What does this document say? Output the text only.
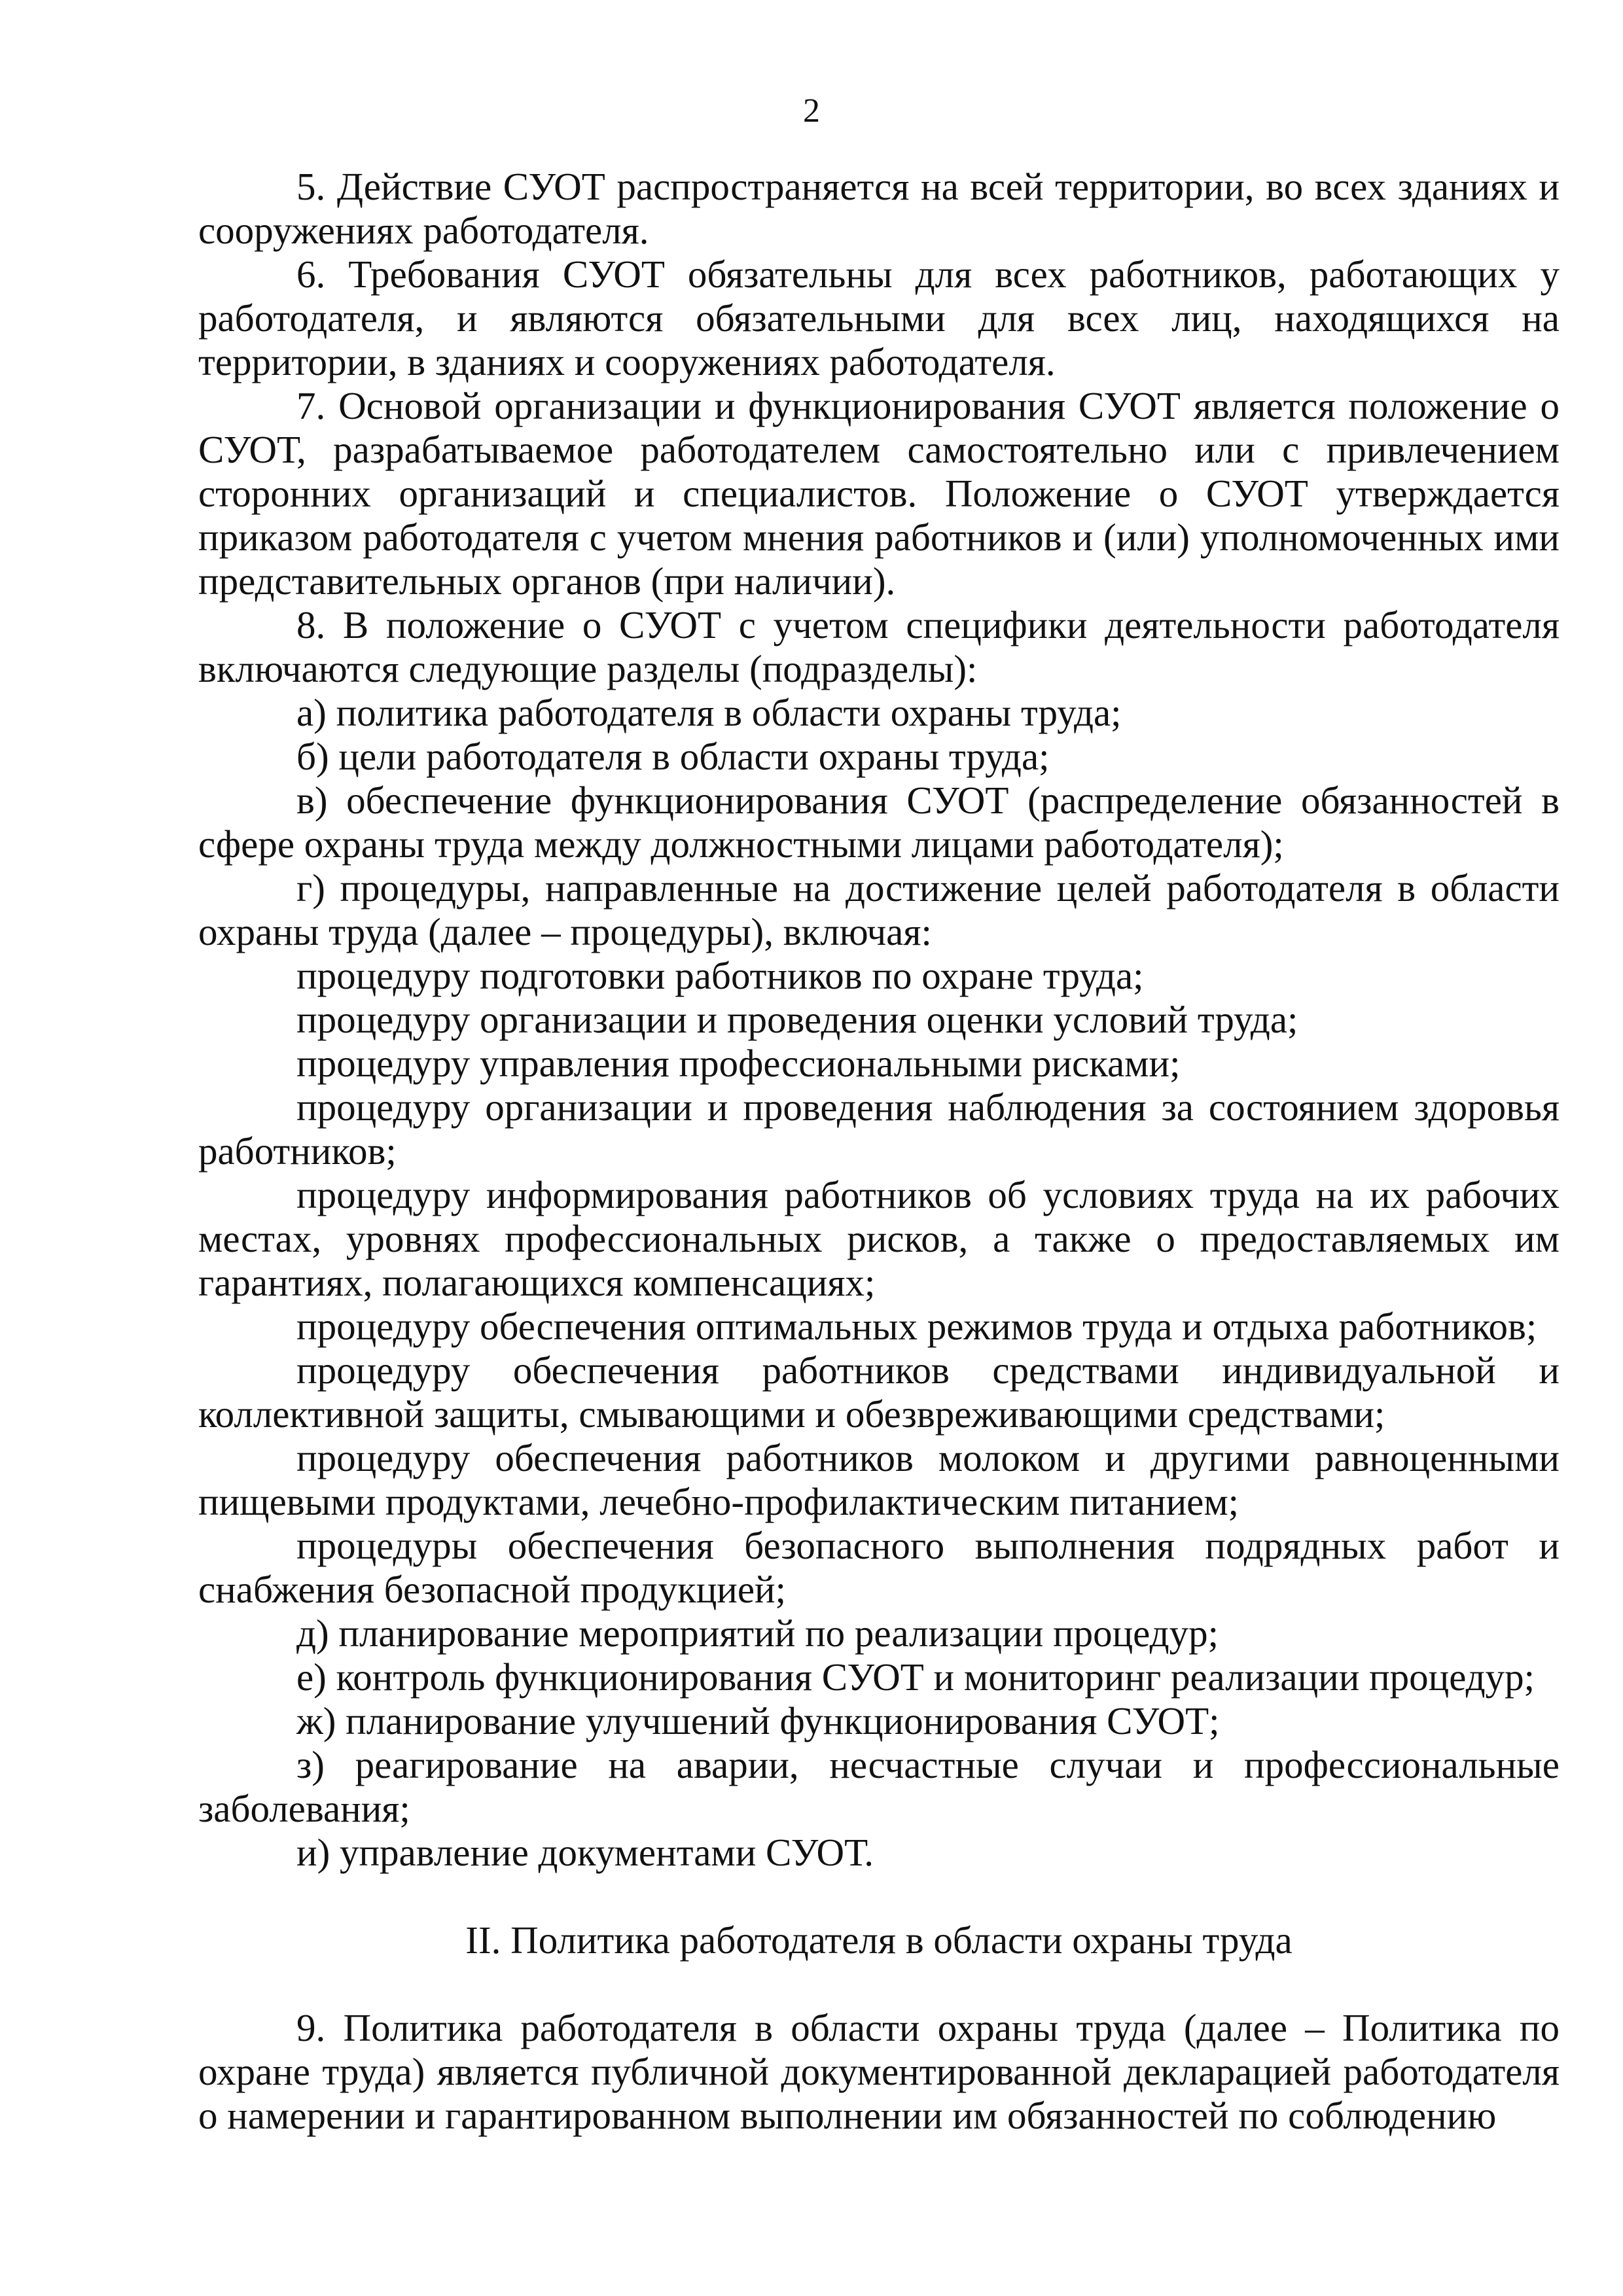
2

5. Действие СУОТ распространяется на всей территории, во всех зданиях и сооружениях работодателя.

6. Требования СУОТ обязательны для всех работников, работающих у работодателя, и являются обязательными для всех лиц, находящихся на территории, в зданиях и сооружениях работодателя.

7. Основой организации и функционирования СУОТ является положение о СУОТ, разрабатываемое работодателем самостоятельно или с привлечением сторонних организаций и специалистов. Положение о СУОТ утверждается приказом работодателя с учетом мнения работников и (или) уполномоченных ими представительных органов (при наличии).

8. В положение о СУОТ с учетом специфики деятельности работодателя включаются следующие разделы (подразделы):

а) политика работодателя в области охраны труда;

б) цели работодателя в области охраны труда;

в) обеспечение функционирования СУОТ (распределение обязанностей в сфере охраны труда между должностными лицами работодателя);

г) процедуры, направленные на достижение целей работодателя в области охраны труда (далее – процедуры), включая:

процедуру подготовки работников по охране труда;

процедуру организации и проведения оценки условий труда;

процедуру управления профессиональными рисками;

процедуру организации и проведения наблюдения за состоянием здоровья работников;

процедуру информирования работников об условиях труда на их рабочих местах, уровнях профессиональных рисков, а также о предоставляемых им гарантиях, полагающихся компенсациях;

процедуру обеспечения оптимальных режимов труда и отдыха работников;

процедуру обеспечения работников средствами индивидуальной и коллективной защиты, смывающими и обезвреживающими средствами;

процедуру обеспечения работников молоком и другими равноценными пищевыми продуктами, лечебно-профилактическим питанием;

процедуры обеспечения безопасного выполнения подрядных работ и снабжения безопасной продукцией;

д) планирование мероприятий по реализации процедур;

е) контроль функционирования СУОТ и мониторинг реализации процедур;

ж) планирование улучшений функционирования СУОТ;

з) реагирование на аварии, несчастные случаи и профессиональные заболевания;

и) управление документами СУОТ.

II. Политика работодателя в области охраны труда

9. Политика работодателя в области охраны труда (далее – Политика по охране труда) является публичной документированной декларацией работодателя о намерении и гарантированном выполнении им обязанностей по соблюдению
